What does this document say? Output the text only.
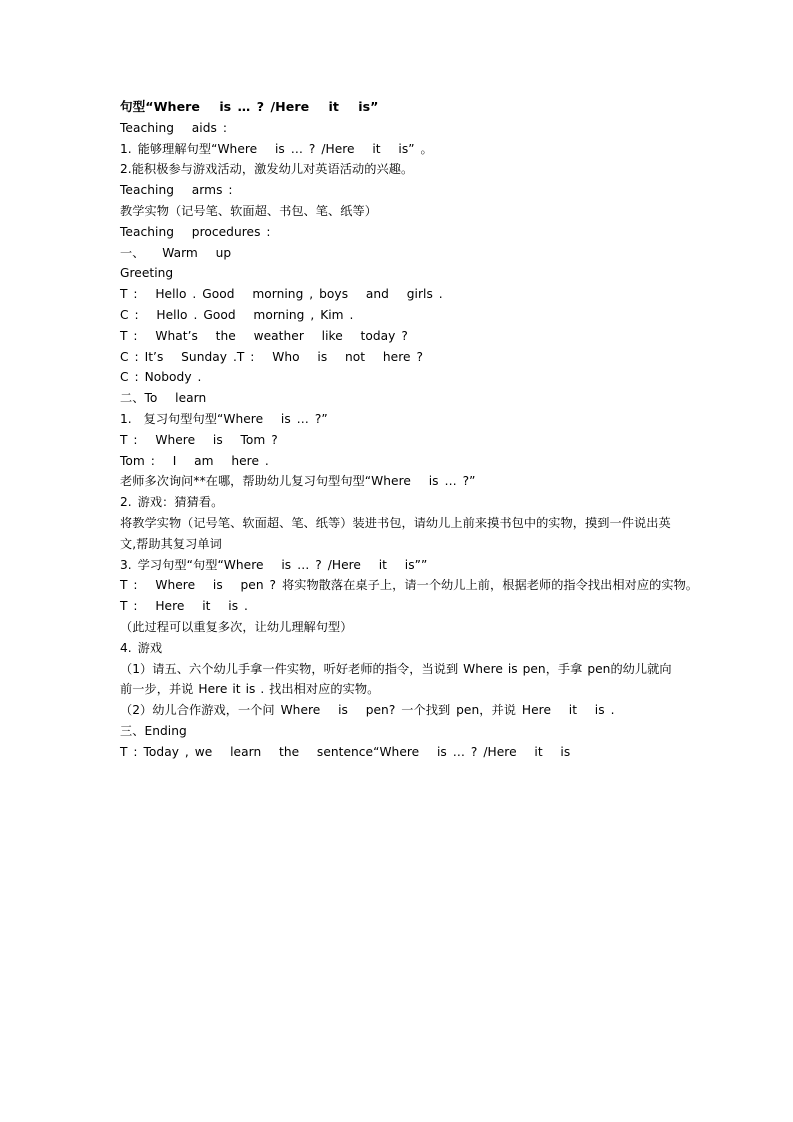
句型“Where   is … ? /Here   it   is”
Teaching   aids :
1. 能够理解句型“Where   is … ? /Here   it   is” 。
2.能积极参与游戏活动，激发幼儿对英语活动的兴趣。
Teaching   arms :
教学实物（记号笔、软面超、书包、笔、纸等）
Teaching   procedures :
一、   Warm   up
Greeting
T :   Hello . Good   morning , boys   and   girls .
C :   Hello . Good   morning , Kim .
T :   What’s   the   weather   like   today ?
C : It’s   Sunday .T :   Who   is   not   here ?
C : Nobody .
二、To   learn
1.  复习句型句型“Where   is … ?”
T :   Where   is   Tom ?
Tom :   I   am   here .
老师多次询问**在哪，帮助幼儿复习句型句型“Where   is … ?”
2. 游戏：猜猜看。
将教学实物（记号笔、软面超、笔、纸等）装进书包，请幼儿上前来摸书包中的实物，摸到一件说出英文,帮助其复习单词
3. 学习句型“句型“Where   is … ? /Here   it   is””
T :   Where   is   pen ? 将实物散落在桌子上，请一个幼儿上前，根据老师的指令找出相对应的实物。
T :   Here   it   is .
（此过程可以重复多次，让幼儿理解句型）
4. 游戏
（1）请五、六个幼儿手拿一件实物，听好老师的指令，当说到 Where is pen，手拿 pen的幼儿就向前一步，并说 Here it is . 找出相对应的实物。
（2）幼儿合作游戏，一个问 Where   is   pen? 一个找到 pen，并说 Here   it   is .
三、Ending
T : Today , we   learn   the   sentence“Where   is … ? /Here   it   is
